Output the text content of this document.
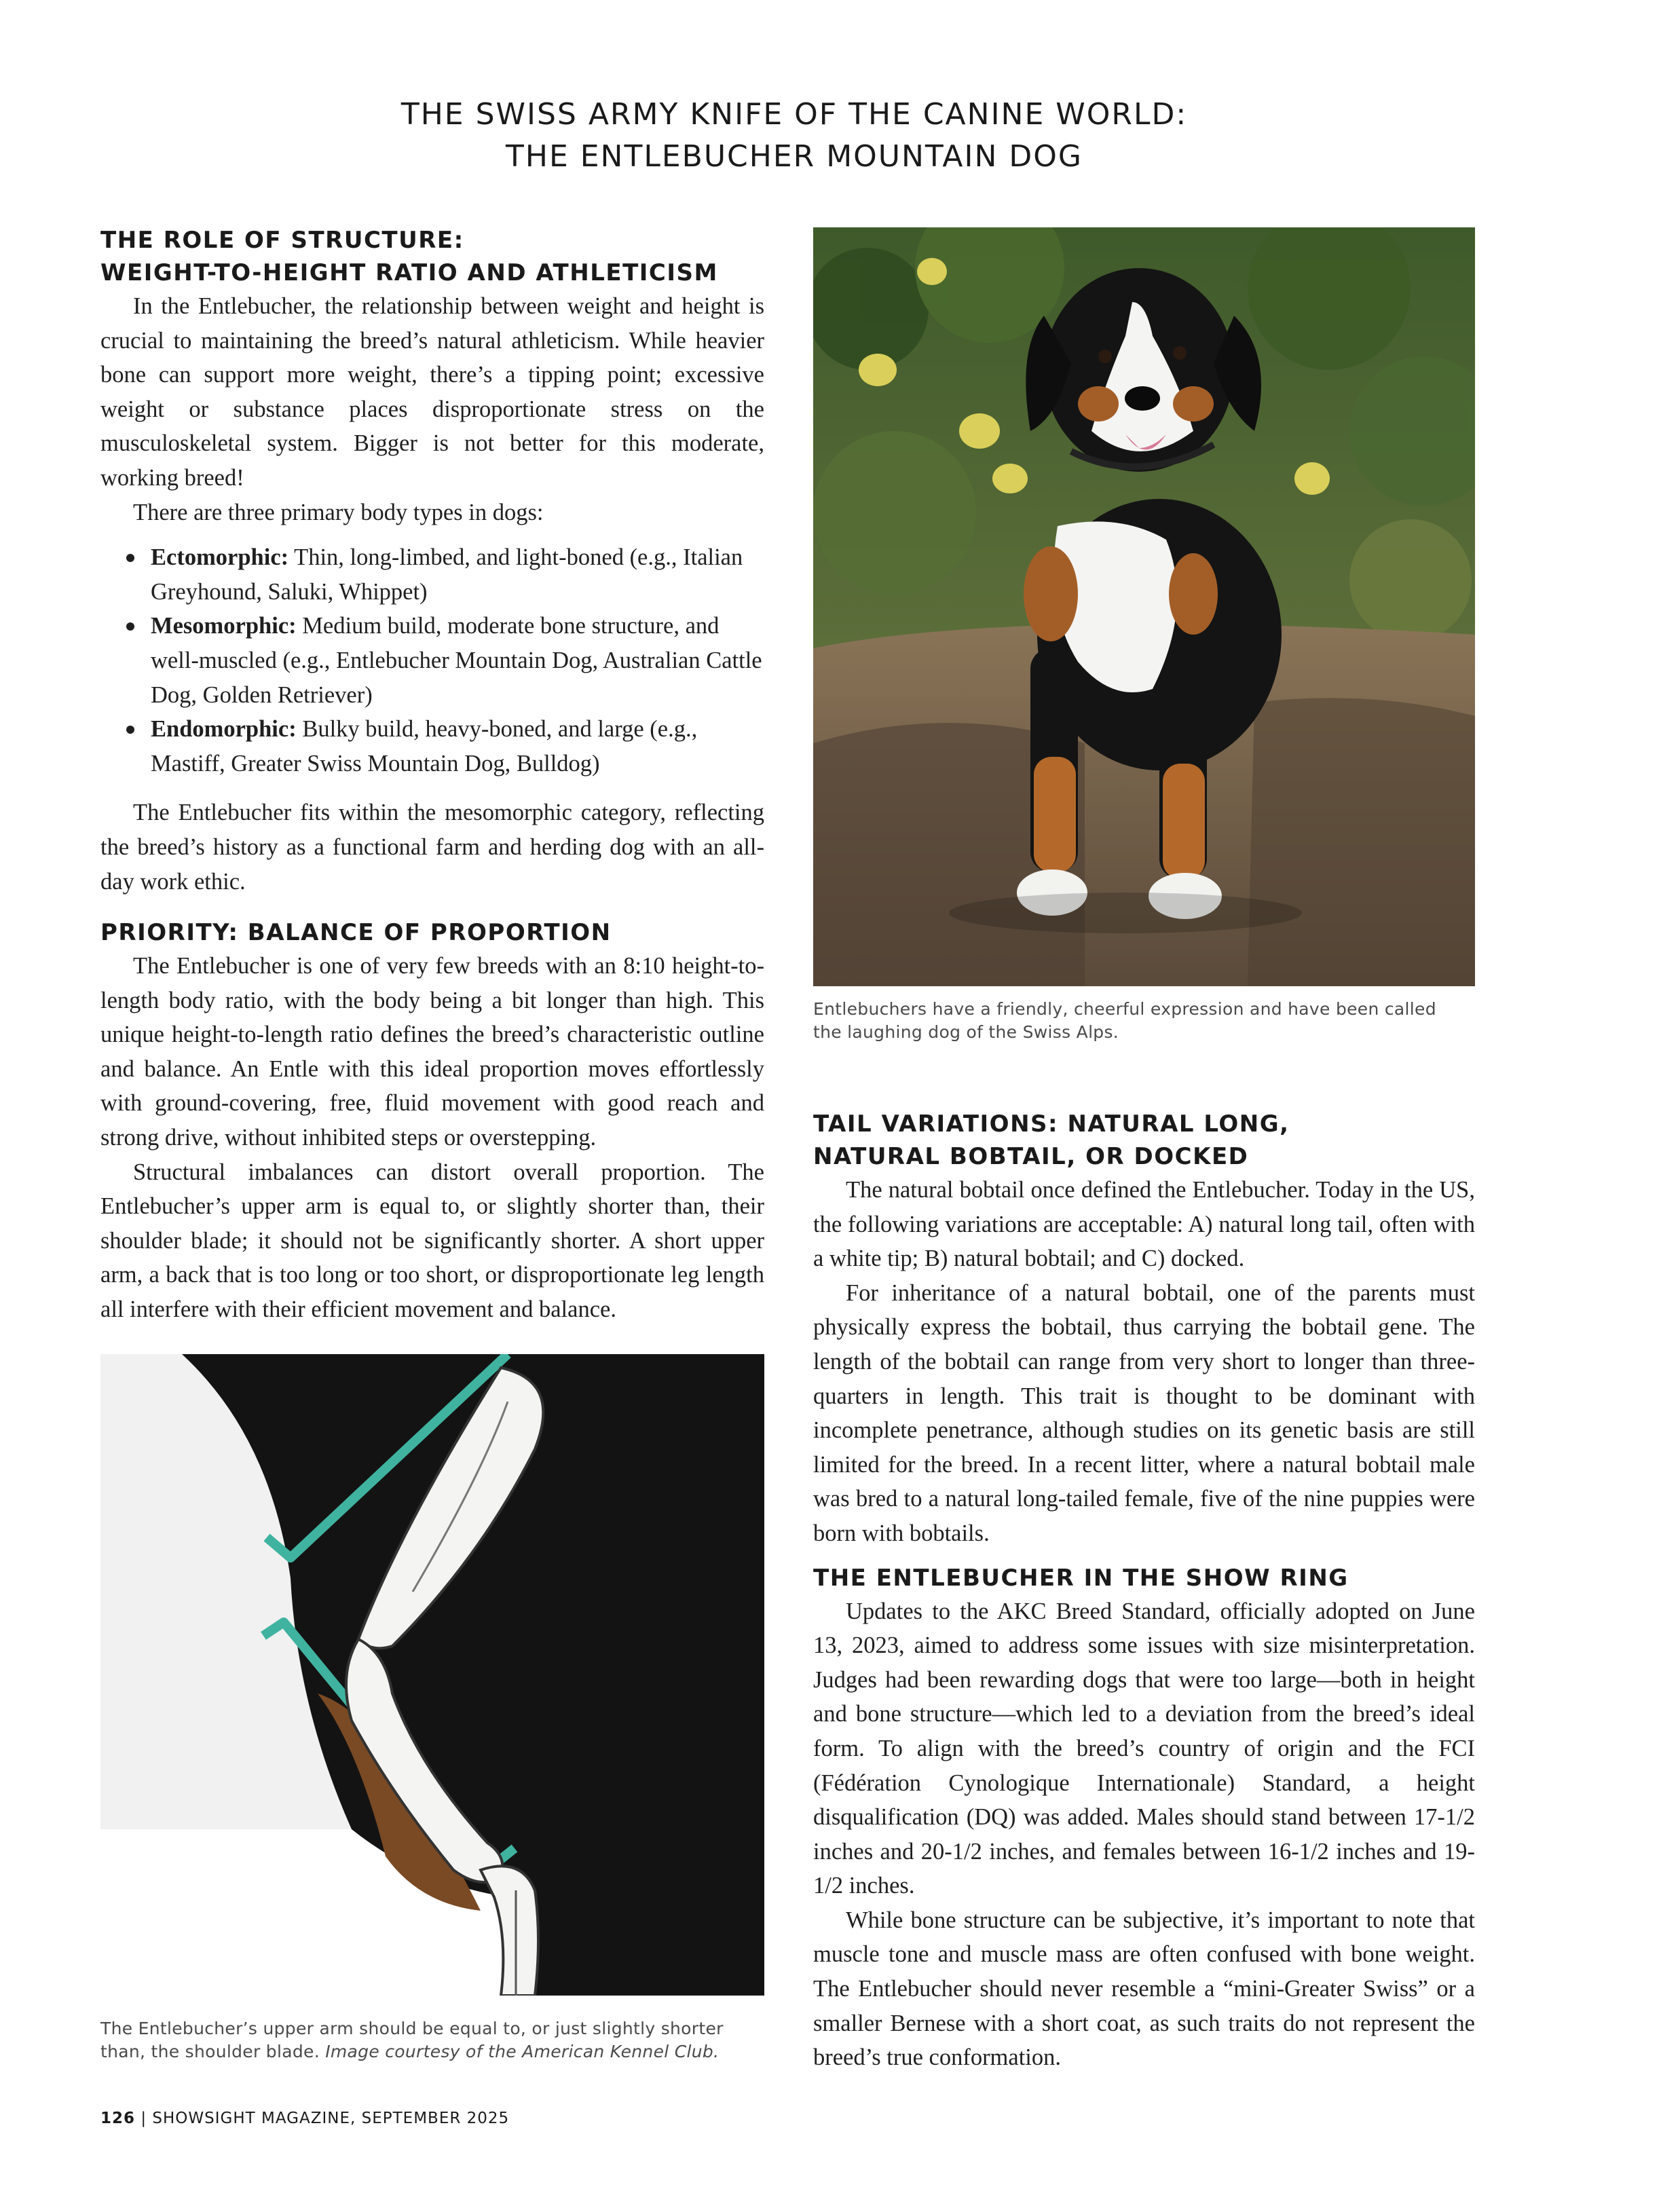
THE SWISS ARMY KNIFE OF THE CANINE WORLD:
THE ENTLEBUCHER MOUNTAIN DOG
THE ROLE OF STRUCTURE:
WEIGHT-TO-HEIGHT RATIO AND ATHLETICISM

In the Entlebucher, the relationship between weight and height is crucial to maintaining the breed’s natural athleticism. While heavier bone can support more weight, there’s a tipping point; excessive weight or substance places disproportionate stress on the musculoskeletal system. Bigger is not better for this moderate, working breed!

There are three primary body types in dogs:

Ectomorphic: Thin, long-limbed, and light-boned (e.g., Italian Greyhound, Saluki, Whippet)
Mesomorphic: Medium build, moderate bone structure, and well-muscled (e.g., Entlebucher Mountain Dog, Australian Cattle Dog, Golden Retriever)
Endomorphic: Bulky build, heavy-boned, and large (e.g., Mastiff, Greater Swiss Mountain Dog, Bulldog)

The Entlebucher fits within the mesomorphic category, reflecting the breed’s history as a functional farm and herding dog with an all-day work ethic.

PRIORITY: BALANCE OF PROPORTION

The Entlebucher is one of very few breeds with an 8:10 height-to-length body ratio, with the body being a bit longer than high. This unique height-to-length ratio defines the breed’s characteristic outline and balance. An Entle with this ideal proportion moves effortlessly with ground-covering, free, fluid movement with good reach and strong drive, without inhibited steps or overstepping.

Structural imbalances can distort overall proportion. The Entlebucher’s upper arm is equal to, or slightly shorter than, their shoulder blade; it should not be significantly shorter. A short upper arm, a back that is too long or too short, or disproportionate leg length all interfere with their efficient movement and balance.

Entlebuchers have a friendly, cheerful expression and have been called the laughing dog of the Swiss Alps.
TAIL VARIATIONS: NATURAL LONG,
NATURAL BOBTAIL, OR DOCKED

The natural bobtail once defined the Entlebucher. Today in the US, the following variations are acceptable: A) natural long tail, often with a white tip; B) natural bobtail; and C) docked.

For inheritance of a natural bobtail, one of the parents must physically express the bobtail, thus carrying the bobtail gene. The length of the bobtail can range from very short to longer than three-quarters in length. This trait is thought to be dominant with incomplete penetrance, although studies on its genetic basis are still limited for the breed. In a recent litter, where a natural bobtail male was bred to a natural long-tailed female, five of the nine puppies were born with bobtails.

THE ENTLEBUCHER IN THE SHOW RING

Updates to the AKC Breed Standard, officially adopted on June 13, 2023, aimed to address some issues with size misinterpretation. Judges had been rewarding dogs that were too large—both in height and bone structure—which led to a deviation from the breed’s ideal form. To align with the breed’s country of origin and the FCI (Fédération Cynologique Internationale) Standard, a height disqualification (DQ) was added. Males should stand between 17-1/2 inches and 20-1/2 inches, and females between 16-1/2 inches and 19-1/2 inches.

While bone structure can be subjective, it’s important to note that muscle tone and muscle mass are often confused with bone weight. The Entlebucher should never resemble a “mini-Greater Swiss” or a smaller Bernese with a short coat, as such traits do not represent the breed’s true conformation.

The Entlebucher’s upper arm should be equal to, or just slightly shorter than, the shoulder blade. Image courtesy of the American Kennel Club.
126 | SHOWSIGHT MAGAZINE, SEPTEMBER 2025
